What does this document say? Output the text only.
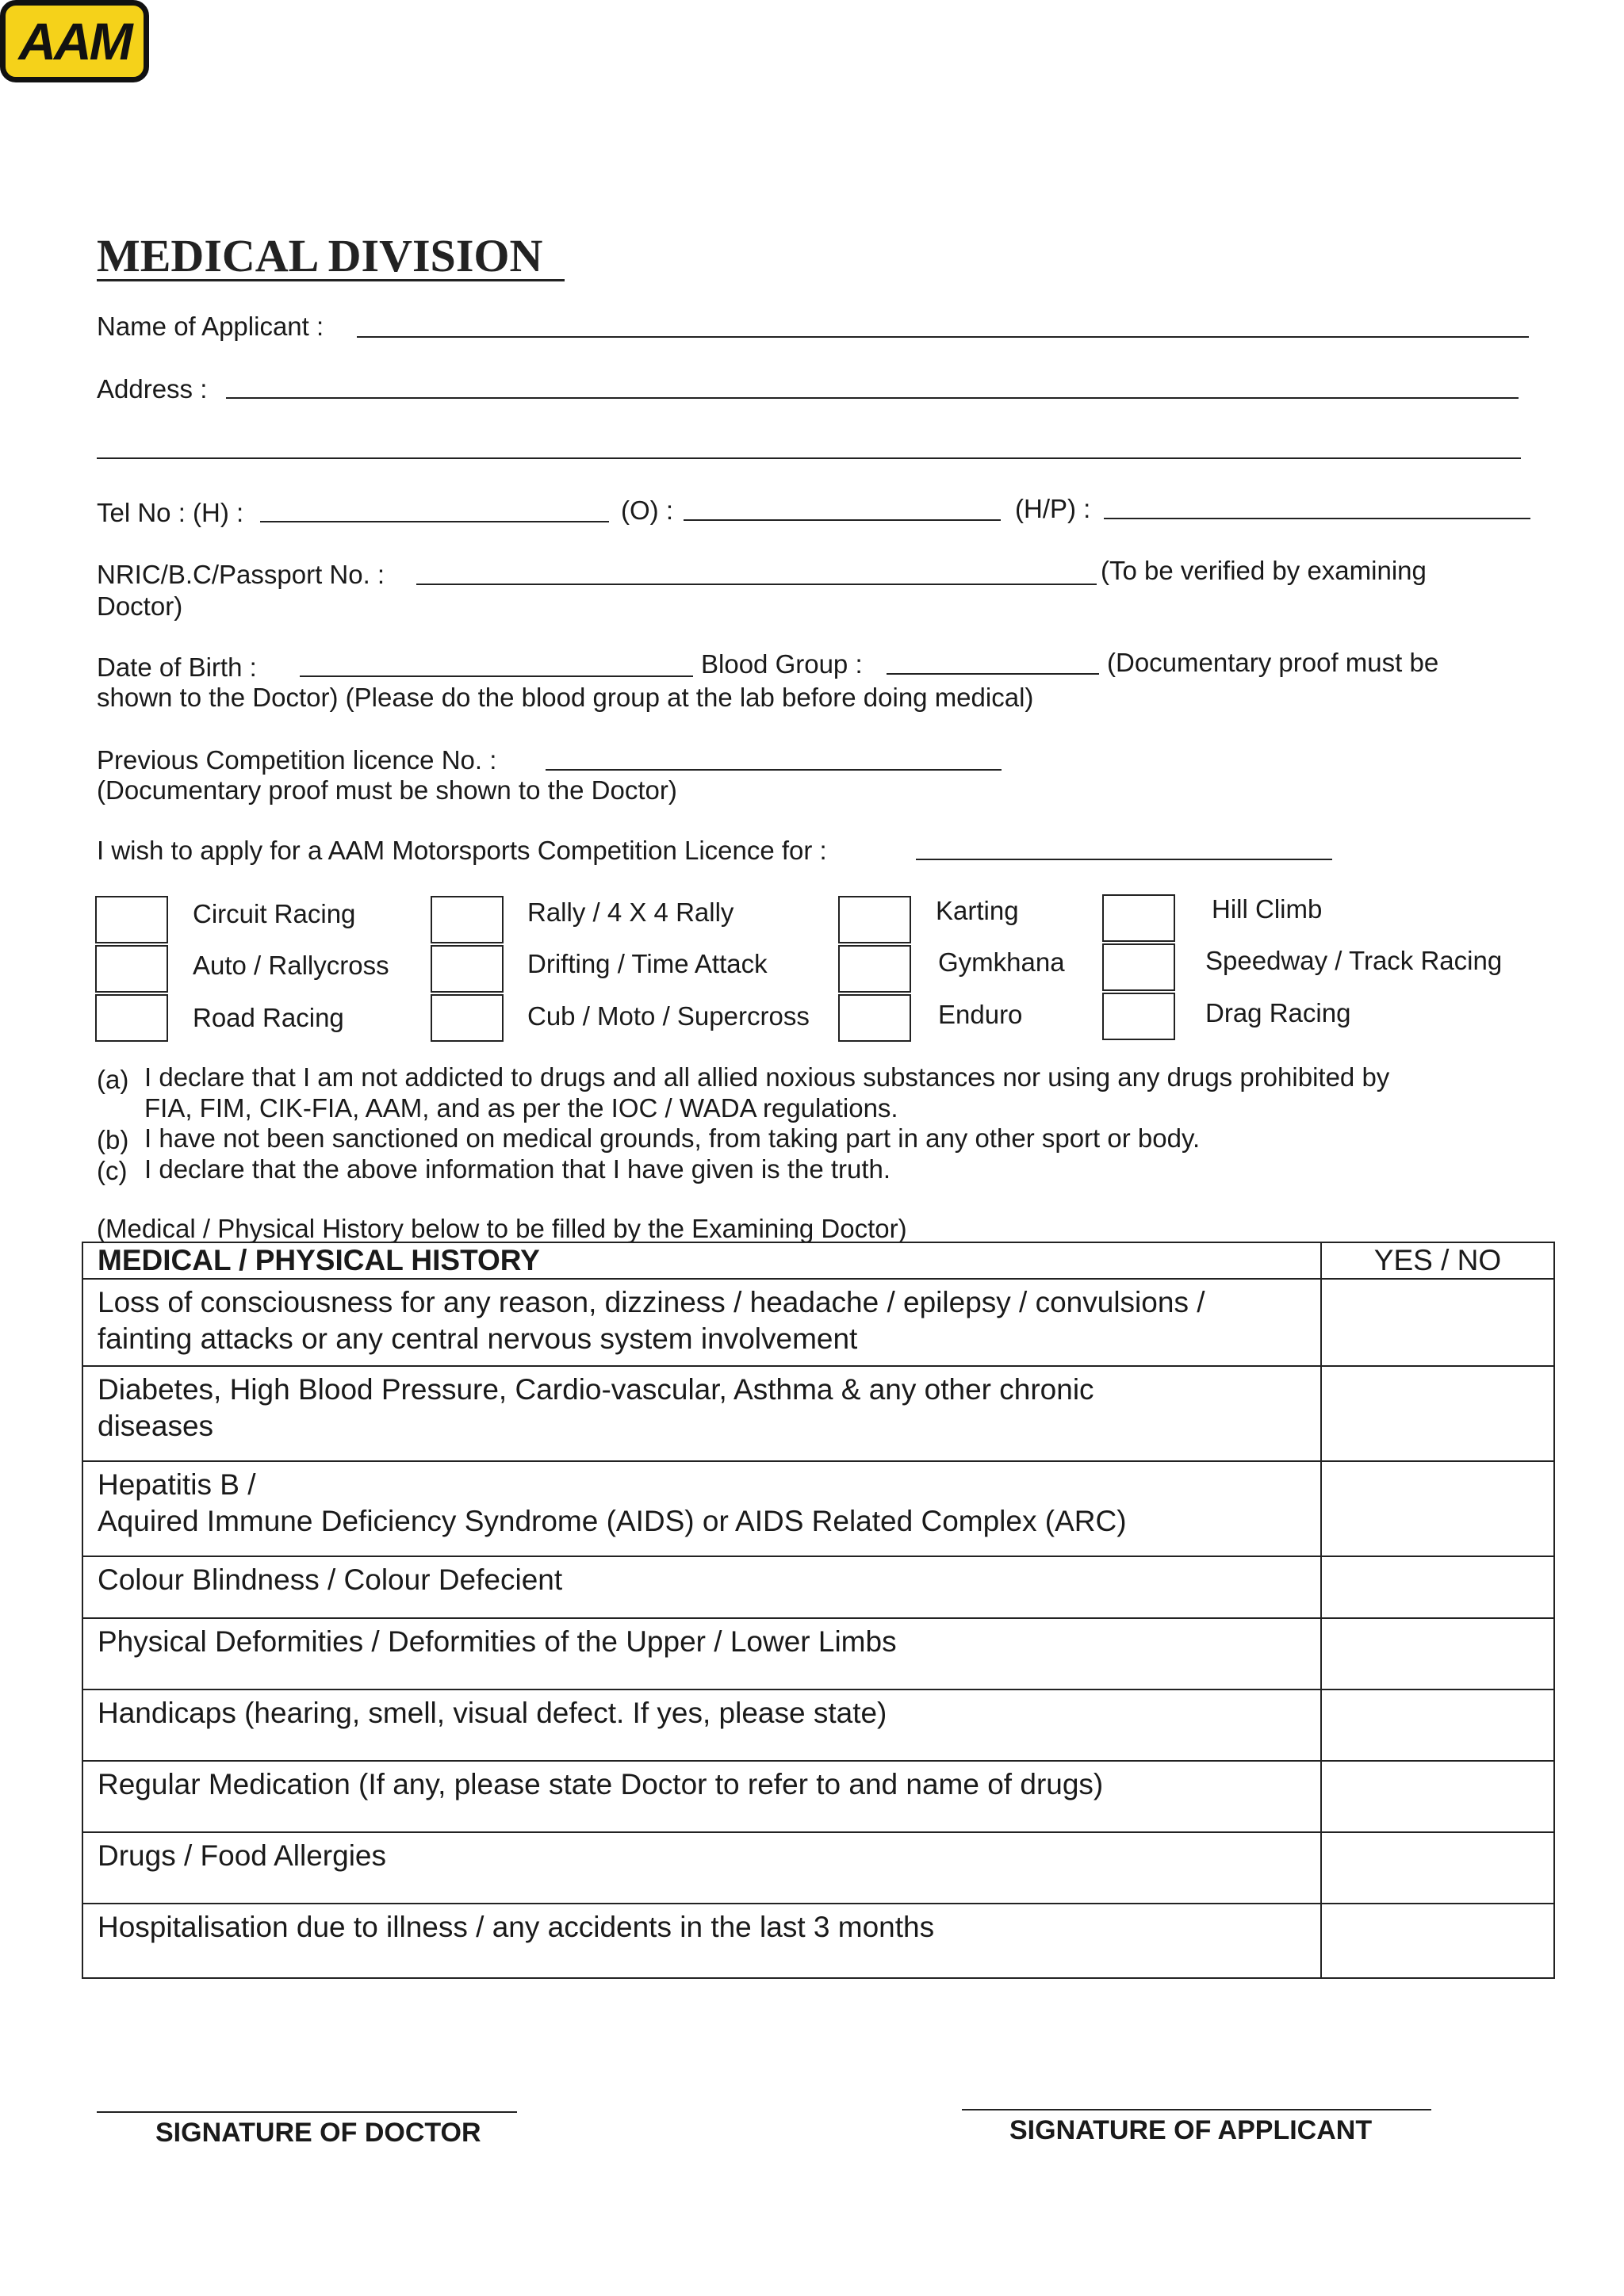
AAM
MEDICAL DIVISION
Name of Applicant :
Address :
Tel No : (H) :	(O) :	(H/P) :
NRIC/B.C/Passport No. :	(To be verified by examining
Doctor)
Date of Birth :	Blood Group :	(Documentary proof must be
shown to the Doctor) (Please do the blood group at the lab before doing medical)
Previous Competition licence No. :
(Documentary proof must be shown to the Doctor)
I wish to apply for a AAM Motorsports Competition Licence for :
Circuit Racing
Auto / Rallycross
Road Racing
Rally / 4 X 4 Rally
Drifting / Time Attack
Cub / Moto / Supercross
Karting
Gymkhana
Enduro
Hill Climb
Speedway / Track Racing
Drag Racing
(a) I declare that I am not addicted to drugs and all allied noxious substances nor using any drugs prohibited by
FIA, FIM, CIK-FIA, AAM, and as per the IOC / WADA regulations.
(b) I have not been sanctioned on medical grounds, from taking part in any other sport or body.
(c) I declare that the above information that I have given is the truth.
(Medical / Physical History below to be filled by the Examining Doctor)
MEDICAL / PHYSICAL HISTORY	YES / NO

Loss of consciousness for any reason, dizziness / headache / epilepsy / convulsions /
fainting attacks or any central nervous system involvement	

Diabetes, High Blood Pressure, Cardio-vascular, Asthma & any other chronic
diseases	

Hepatitis B /
Aquired Immune Deficiency Syndrome (AIDS) or AIDS Related Complex (ARC)	

Colour Blindness / Colour Defecient	

Physical Deformities / Deformities of the Upper / Lower Limbs	

Handicaps (hearing, smell, visual defect. If yes, please state)	

Regular Medication (If any, please state Doctor to refer to and name of drugs)	

Drugs / Food Allergies	

Hospitalisation due to illness / any accidents in the last 3 months	

SIGNATURE OF DOCTOR	SIGNATURE OF APPLICANT
